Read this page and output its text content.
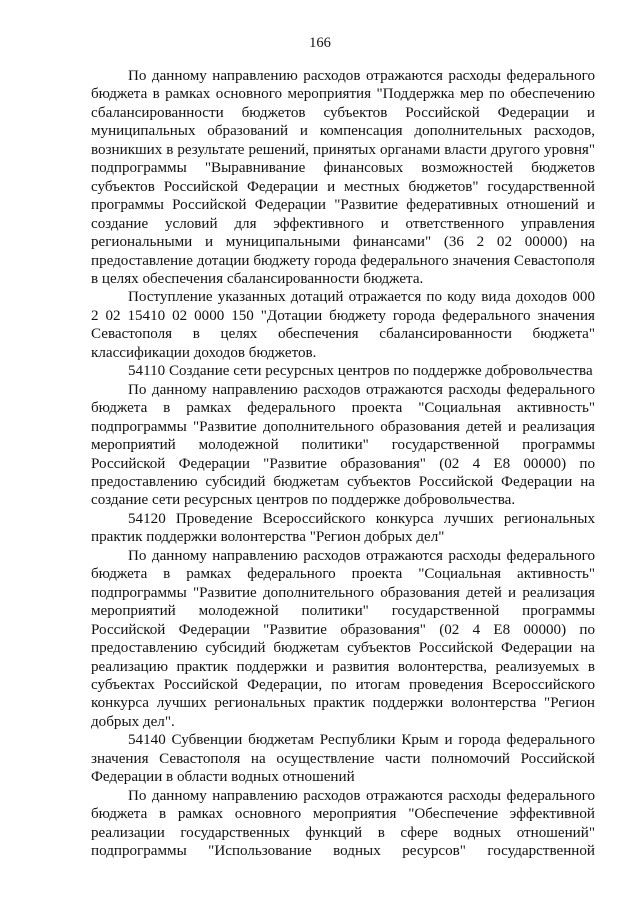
166

По данному направлению расходов отражаются расходы федерального бюджета в рамках основного мероприятия "Поддержка мер по обеспечению сбалансированности бюджетов субъектов Российской Федерации и муниципальных образований и компенсация дополнительных расходов, возникших в результате решений, принятых органами власти другого уровня" подпрограммы "Выравнивание финансовых возможностей бюджетов субъектов Российской Федерации и местных бюджетов" государственной программы Российской Федерации "Развитие федеративных отношений и создание условий для эффективного и ответственного управления региональными и муниципальными финансами" (36 2 02 00000) на предоставление дотации бюджету города федерального значения Севастополя в целях обеспечения сбалансированности бюджета.

Поступление указанных дотаций отражается по коду вида доходов 000 2 02 15410 02 0000 150 "Дотации бюджету города федерального значения Севастополя в целях обеспечения сбалансированности бюджета" классификации доходов бюджетов.

54110 Создание сети ресурсных центров по поддержке добровольчества

По данному направлению расходов отражаются расходы федерального бюджета в рамках федерального проекта "Социальная активность" подпрограммы "Развитие дополнительного образования детей и реализация мероприятий молодежной политики" государственной программы Российской Федерации "Развитие образования" (02 4 E8 00000) по предоставлению субсидий бюджетам субъектов Российской Федерации на создание сети ресурсных центров по поддержке добровольчества.

54120 Проведение Всероссийского конкурса лучших региональных практик поддержки волонтерства "Регион добрых дел"

По данному направлению расходов отражаются расходы федерального бюджета в рамках федерального проекта "Социальная активность" подпрограммы "Развитие дополнительного образования детей и реализация мероприятий молодежной политики" государственной программы Российской Федерации "Развитие образования" (02 4 E8 00000) по предоставлению субсидий бюджетам субъектов Российской Федерации на реализацию практик поддержки и развития волонтерства, реализуемых в субъектах Российской Федерации, по итогам проведения Всероссийского конкурса лучших региональных практик поддержки волонтерства "Регион добрых дел".

54140 Субвенции бюджетам Республики Крым и города федерального значения Севастополя на осуществление части полномочий Российской Федерации в области водных отношений

По данному направлению расходов отражаются расходы федерального бюджета в рамках основного мероприятия "Обеспечение эффективной реализации государственных функций в сфере водных отношений" подпрограммы "Использование водных ресурсов" государственной
